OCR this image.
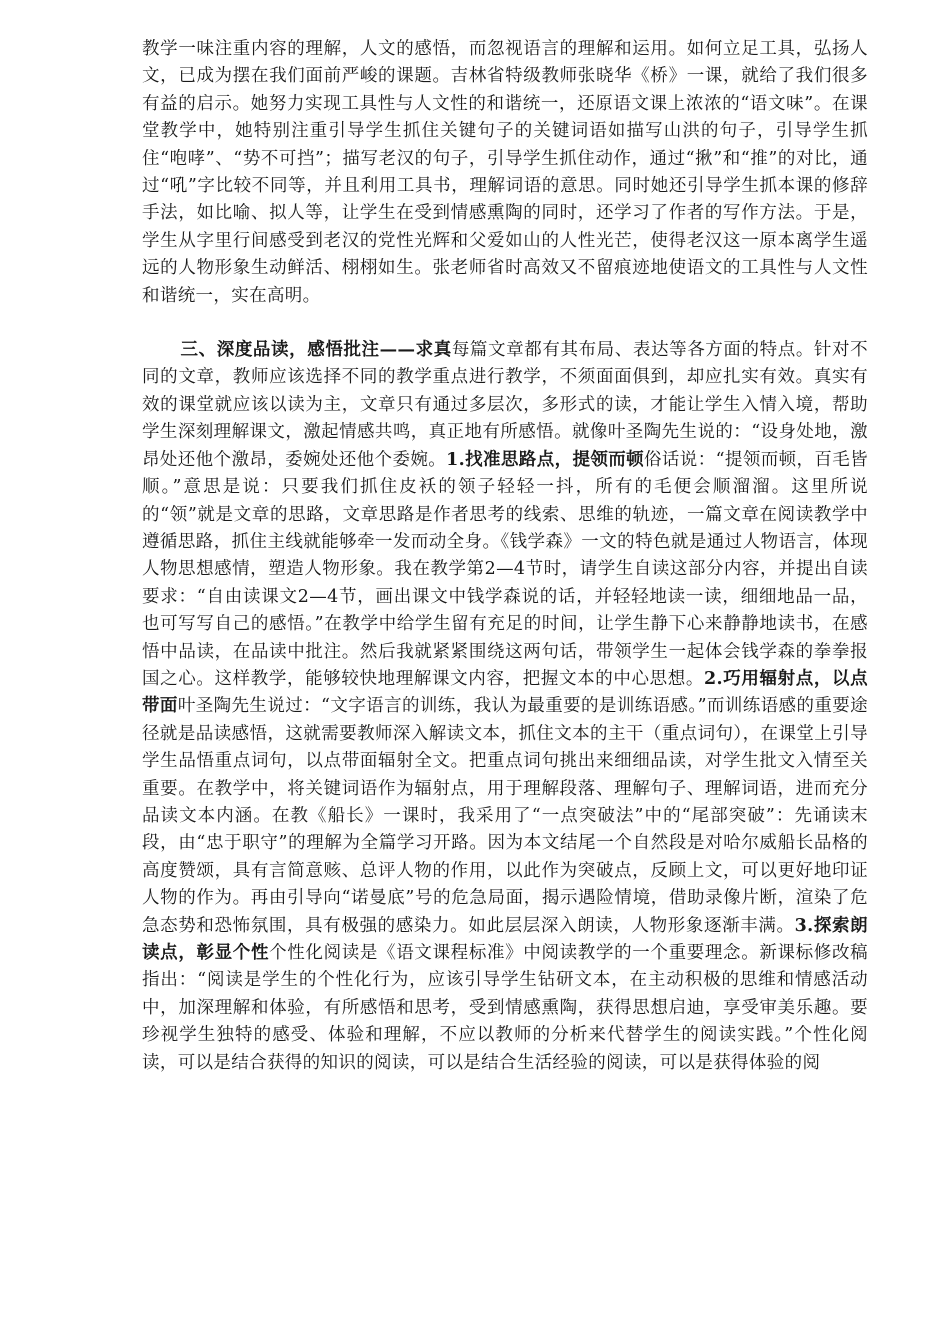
教学一味注重内容的理解，人文的感悟，而忽视语言的理解和运用。如何立足工具，弘扬人文，已成为摆在我们面前严峻的课题。吉林省特级教师张晓华《桥》一课，就给了我们很多有益的启示。她努力实现工具性与人文性的和谐统一，还原语文课上浓浓的“语文味”。在课堂教学中，她特别注重引导学生抓住关键句子的关键词语如描写山洪的句子，引导学生抓住“咆哮”、“势不可挡”；描写老汉的句子，引导学生抓住动作，通过“揪”和“推”的对比，通过“吼”字比较不同等，并且利用工具书，理解词语的意思。同时她还引导学生抓本课的修辞手法，如比喻、拟人等，让学生在受到情感熏陶的同时，还学习了作者的写作方法。于是，学生从字里行间感受到老汉的党性光辉和父爱如山的人性光芒，使得老汉这一原本离学生遥远的人物形象生动鲜活、栩栩如生。张老师省时高效又不留痕迹地使语文的工具性与人文性和谐统一，实在高明。

三、深度品读，感悟批注——求真每篇文章都有其布局、表达等各方面的特点。针对不同的文章，教师应该选择不同的教学重点进行教学，不须面面俱到，却应扎实有效。真实有效的课堂就应该以读为主，文章只有通过多层次，多形式的读，才能让学生入情入境，帮助学生深刻理解课文，激起情感共鸣，真正地有所感悟。就像叶圣陶先生说的：“设身处地，激昂处还他个激昂，委婉处还他个委婉。1.找准思路点，提领而顿俗话说：“提领而顿，百毛皆顺。”意思是说：只要我们抓住皮袄的领子轻轻一抖，所有的毛便会顺溜溜。这里所说的“领”就是文章的思路，文章思路是作者思考的线索、思维的轨迹，一篇文章在阅读教学中遵循思路，抓住主线就能够牵一发而动全身。《钱学森》一文的特色就是通过人物语言，体现人物思想感情，塑造人物形象。我在教学第2—4节时，请学生自读这部分内容，并提出自读要求：“自由读课文2—4节，画出课文中钱学森说的话，并轻轻地读一读，细细地品一品，也可写写自己的感悟。”在教学中给学生留有充足的时间，让学生静下心来静静地读书，在感悟中品读，在品读中批注。然后我就紧紧围绕这两句话，带领学生一起体会钱学森的拳拳报国之心。这样教学，能够较快地理解课文内容，把握文本的中心思想。2.巧用辐射点，以点带面叶圣陶先生说过：“文字语言的训练，我认为最重要的是训练语感。”而训练语感的重要途径就是品读感悟，这就需要教师深入解读文本，抓住文本的主干（重点词句），在课堂上引导学生品悟重点词句，以点带面辐射全文。把重点词句挑出来细细品读，对学生批文入情至关重要。在教学中，将关键词语作为辐射点，用于理解段落、理解句子、理解词语，进而充分品读文本内涵。在教《船长》一课时，我采用了“一点突破法”中的“尾部突破”：先诵读末段，由“忠于职守”的理解为全篇学习开路。因为本文结尾一个自然段是对哈尔威船长品格的高度赞颂，具有言简意赅、总评人物的作用，以此作为突破点，反顾上文，可以更好地印证人物的作为。再由引导向“诺曼底”号的危急局面，揭示遇险情境，借助录像片断，渲染了危急态势和恐怖氛围，具有极强的感染力。如此层层深入朗读，人物形象逐渐丰满。3.探索朗读点，彰显个性个性化阅读是《语文课程标准》中阅读教学的一个重要理念。新课标修改稿指出：“阅读是学生的个性化行为，应该引导学生钻研文本，在主动积极的思维和情感活动中，加深理解和体验，有所感悟和思考，受到情感熏陶，获得思想启迪，享受审美乐趣。要珍视学生独特的感受、体验和理解，不应以教师的分析来代替学生的阅读实践。”个性化阅读，可以是结合获得的知识的阅读，可以是结合生活经验的阅读，可以是获得体验的阅
